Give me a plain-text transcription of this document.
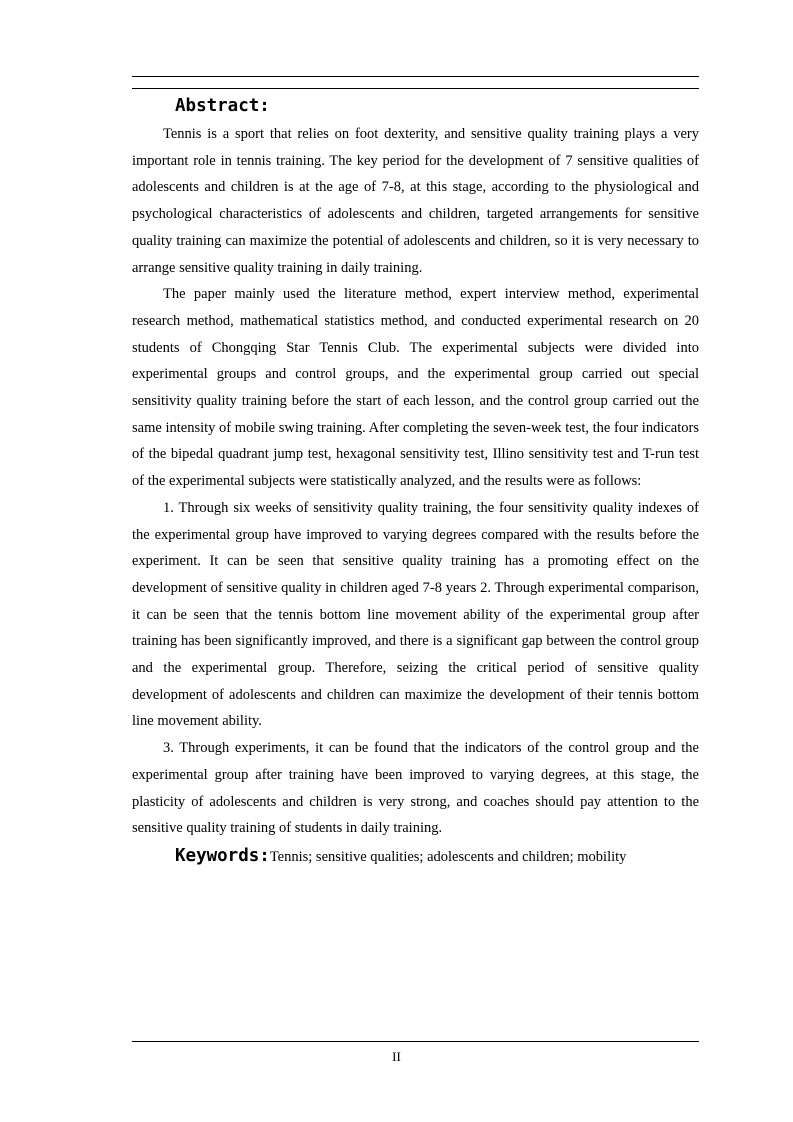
Abstract:

Tennis is a sport that relies on foot dexterity, and sensitive quality training plays a very important role in tennis training. The key period for the development of 7 sensitive qualities of adolescents and children is at the age of 7-8, at this stage, according to the physiological and psychological characteristics of adolescents and children, targeted arrangements for sensitive quality training can maximize the potential of adolescents and children, so it is very necessary to arrange sensitive quality training in daily training.

The paper mainly used the literature method, expert interview method, experimental research method, mathematical statistics method, and conducted experimental research on 20 students of Chongqing Star Tennis Club. The experimental subjects were divided into experimental groups and control groups, and the experimental group carried out special sensitivity quality training before the start of each lesson, and the control group carried out the same intensity of mobile swing training. After completing the seven-week test, the four indicators of the bipedal quadrant jump test, hexagonal sensitivity test, Illino sensitivity test and T-run test of the experimental subjects were statistically analyzed, and the results were as follows:

1. Through six weeks of sensitivity quality training, the four sensitivity quality indexes of the experimental group have improved to varying degrees compared with the results before the experiment. It can be seen that sensitive quality training has a promoting effect on the development of sensitive quality in children aged 7-8 years 2. Through experimental comparison, it can be seen that the tennis bottom line movement ability of the experimental group after training has been significantly improved, and there is a significant gap between the control group and the experimental group. Therefore, seizing the critical period of sensitive quality development of adolescents and children can maximize the development of their tennis bottom line movement ability.

3. Through experiments, it can be found that the indicators of the control group and the experimental group after training have been improved to varying degrees, at this stage, the plasticity of adolescents and children is very strong, and coaches should pay attention to the sensitive quality training of students in daily training.

Keywords:Tennis; sensitive qualities; adolescents and children; mobility

II
